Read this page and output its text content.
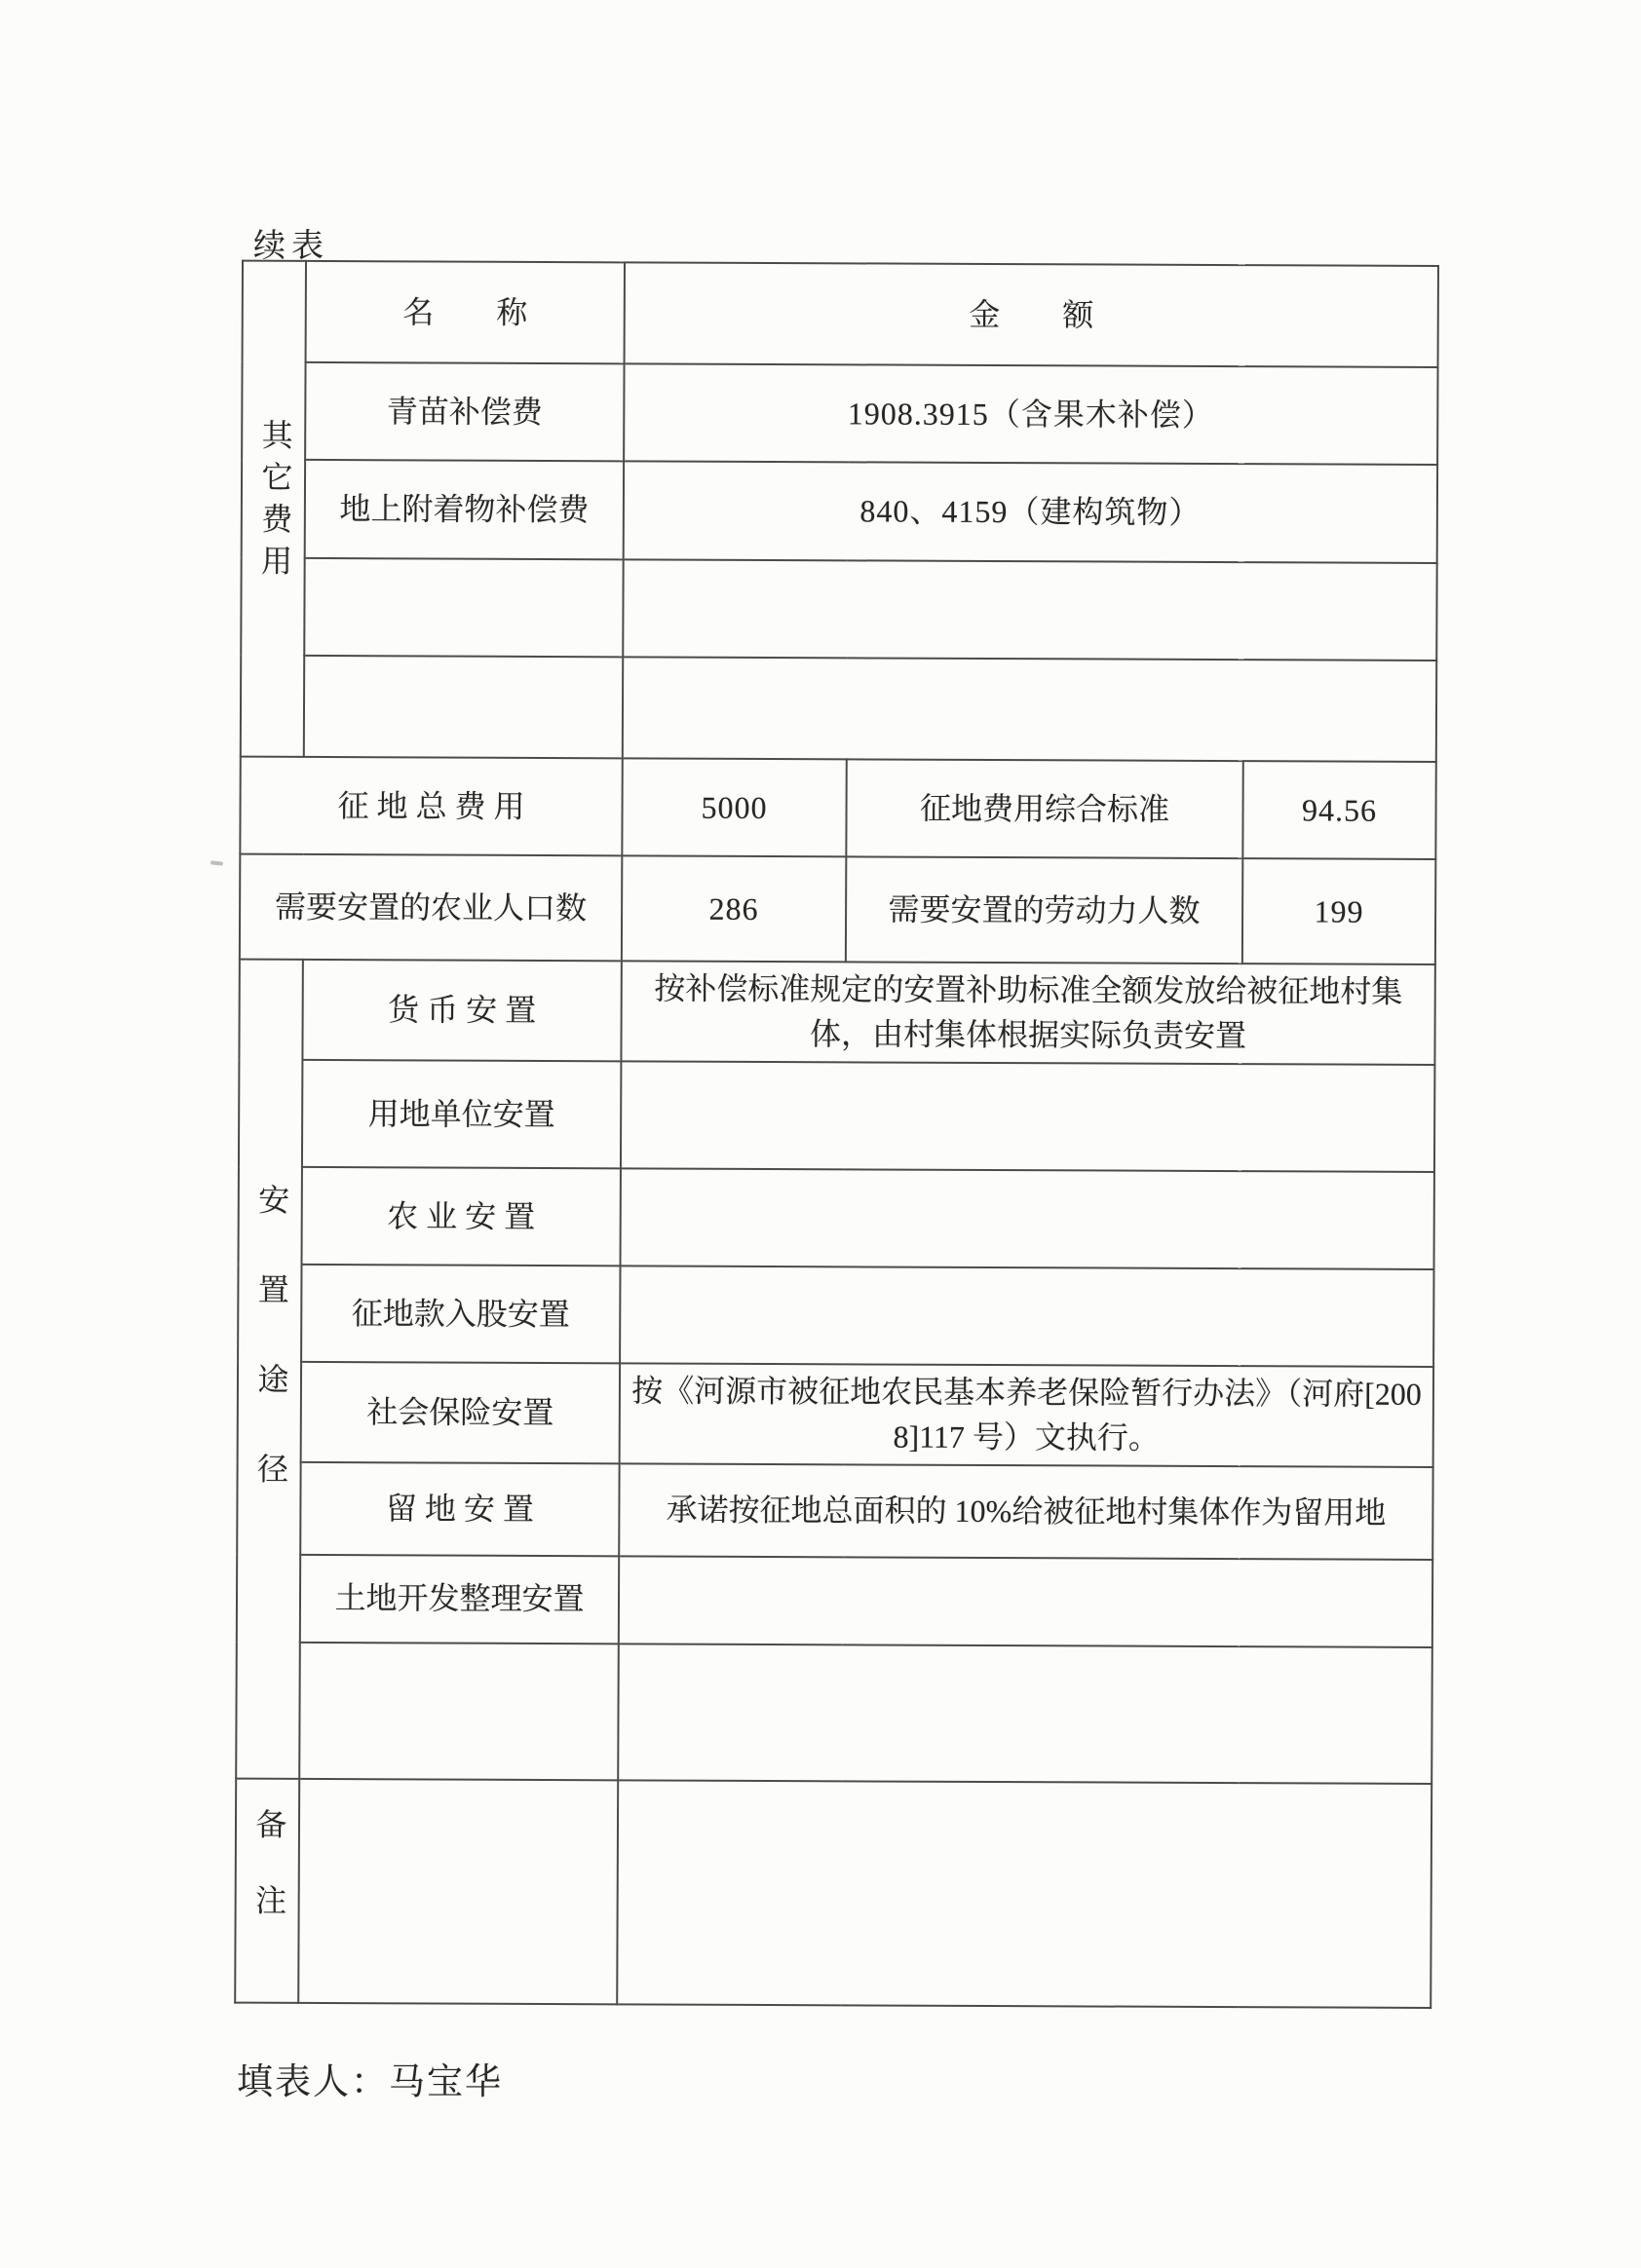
续表
其它费用	名　　称	金　　额		
	青苗补偿费	1908.3915（含果木补偿）		
	地上附着物补偿费	840、4159（建构筑物）		

征 地 总 费 用		5000	征地费用综合标准	94.56
需要安置的农业人口数		286	需要安置的劳动力人数	199
安置途径	货 币 安 置	按补偿标准规定的安置补助标准全额发放给被征地村集体，由村集体根据实际负责安置		
	用地单位安置			
	农 业 安 置			
	征地款入股安置			
	社会保险安置	按《河源市被征地农民基本养老保险暂行办法》（河府[2008]117 号）文执行。		
	留 地 安 置	承诺按征地总面积的 10%给被征地村集体作为留用地		
	土地开发整理安置			

备注				
填表人：马宝华
